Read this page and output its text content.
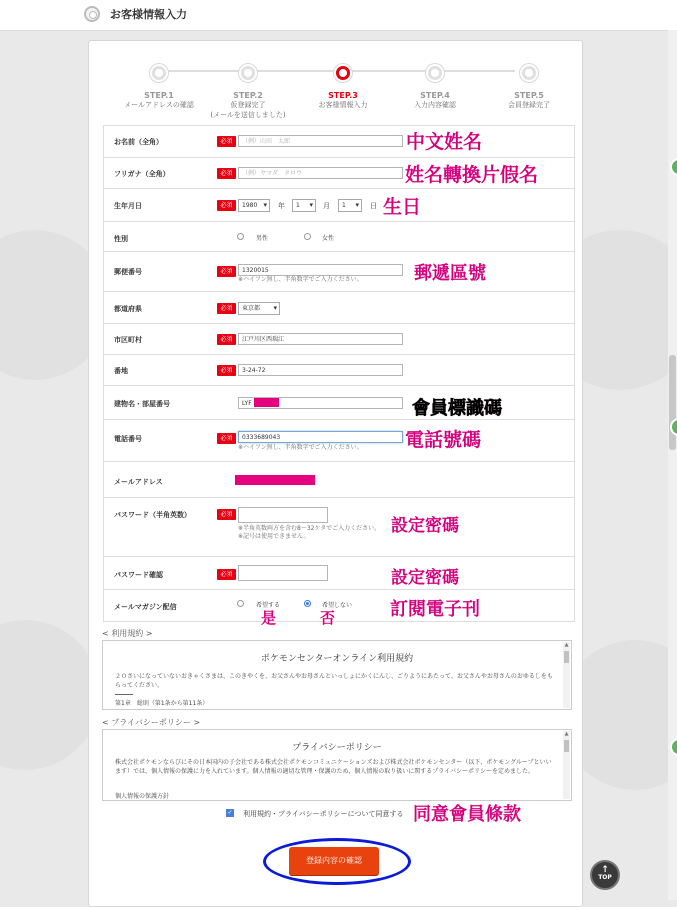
お客様情報入力
STEP.1
メールアドレスの確認
STEP.2
仮登録完了
(メールを送信しました)
STEP.3
お客様情報入力
STEP.4
入力内容確認
STEP.5
会員登録完了
お名前（全角）	必須	（例）山田　太郎
フリガナ（全角）	必須	（例）ヤマダ　タロウ
生年月日	必須	1980 ▾	年	1 ▾	月	1 ▾	日
性別	男性	女性
郵便番号	必須	1320015
※ハイフン無し、半角数字でご入力ください。
都道府県	必須	東京都 ▾
市区町村	必須	江戸川区西瑞江
番地	必須	3-24-72
建物名・部屋番号	LYF
電話番号	必須	0333689043
※ハイフン無し、半角数字でご入力ください。
メールアドレス
パスワード（半角英数）	必須
※半角英数両方を含む8～32ケタでご入力ください。
※記号は使用できません。
パスワード確認	必須
メールマガジン配信	希望する	希望しない
< 利用規約 >
ポケモンセンターオンライン利用規約
２０さいになっていないおきゃくさまは、このきやくを、お父さんやお母さんといっしょにかくにんし、ごりようにあたって、お父さんやお母さんのおゆるしをもらってください。
第1章　総則（第1条から第11条）
▲
< プライバシーポリシー >
プライバシーポリシー
株式会社ポケモンならびにその日本国内の子会社である株式会社ポケモンコミュニケーションズおよび株式会社ポケモンセンター（以下、ポケモングループといいます）では、個人情報の保護に力を入れています。個人情報の適切な管理・保護のため、個人情報の取り扱いに関するプライバシーポリシーを定めました。
個人情報の保護方針
▲
✓ 利用規約・プライバシーポリシーについて同意する
登録内容の確認
中文姓名
姓名轉換片假名
生日
郵遞區號
會員標識碼
電話號碼
設定密碼
設定密碼
訂閱電子刊
是	否
同意會員條款
↑
TOP
